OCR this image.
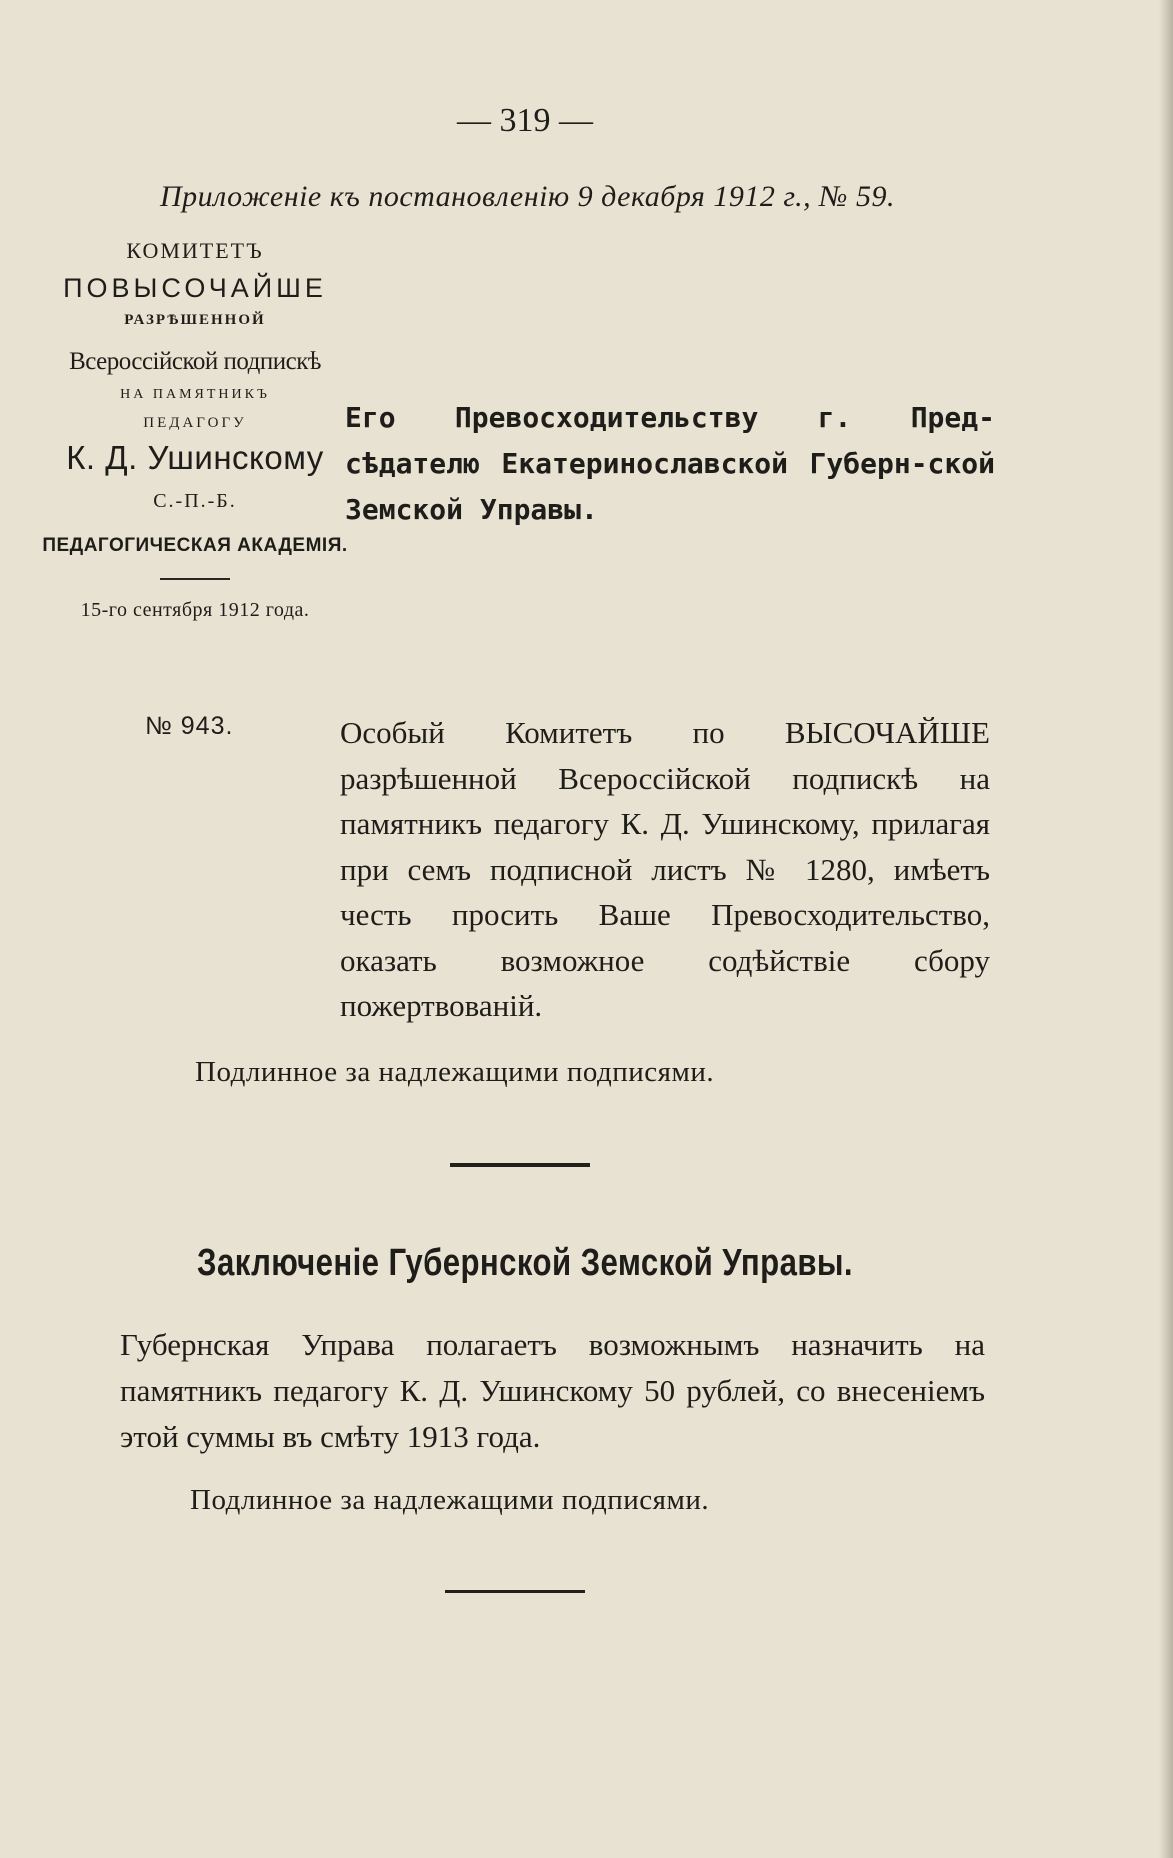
— 319 —

Приложеніе къ постановленію 9 декабря 1912 г., № 59.

КОМИТЕТЪ

ПОВЫСОЧАЙШЕ

РАЗРѢШЕННОЙ

Всероссійской подпискѣ

НА ПАМЯТНИКЪ

ПЕДАГОГУ

К. Д. Ушинскому

С.-П.-Б.

ПЕДАГОГИЧЕСКАЯ АКАДЕМІЯ.

15-го сентября 1912 года.

№ 943.

Его Превосходительству г. Пред-сѣдателю Екатеринославской Губерн-ской Земской Управы.

Особый Комитетъ по ВЫСОЧАЙШЕ разрѣшенной Всероссійской подпискѣ на памятникъ педагогу К. Д. Ушинскому, прилагая при семъ подписной листъ № 1280, имѣетъ честь просить Ваше Превосходительство, оказать возможное содѣйствіе сбору пожертвованій.

Подлинное за надлежащими подписями.

Заключеніе Губернской Земской Управы.

Губернская Управа полагаетъ возможнымъ назначить на памятникъ педагогу К. Д. Ушинскому 50 рублей, со внесеніемъ этой суммы въ смѣту 1913 года.

Подлинное за надлежащими подписями.
